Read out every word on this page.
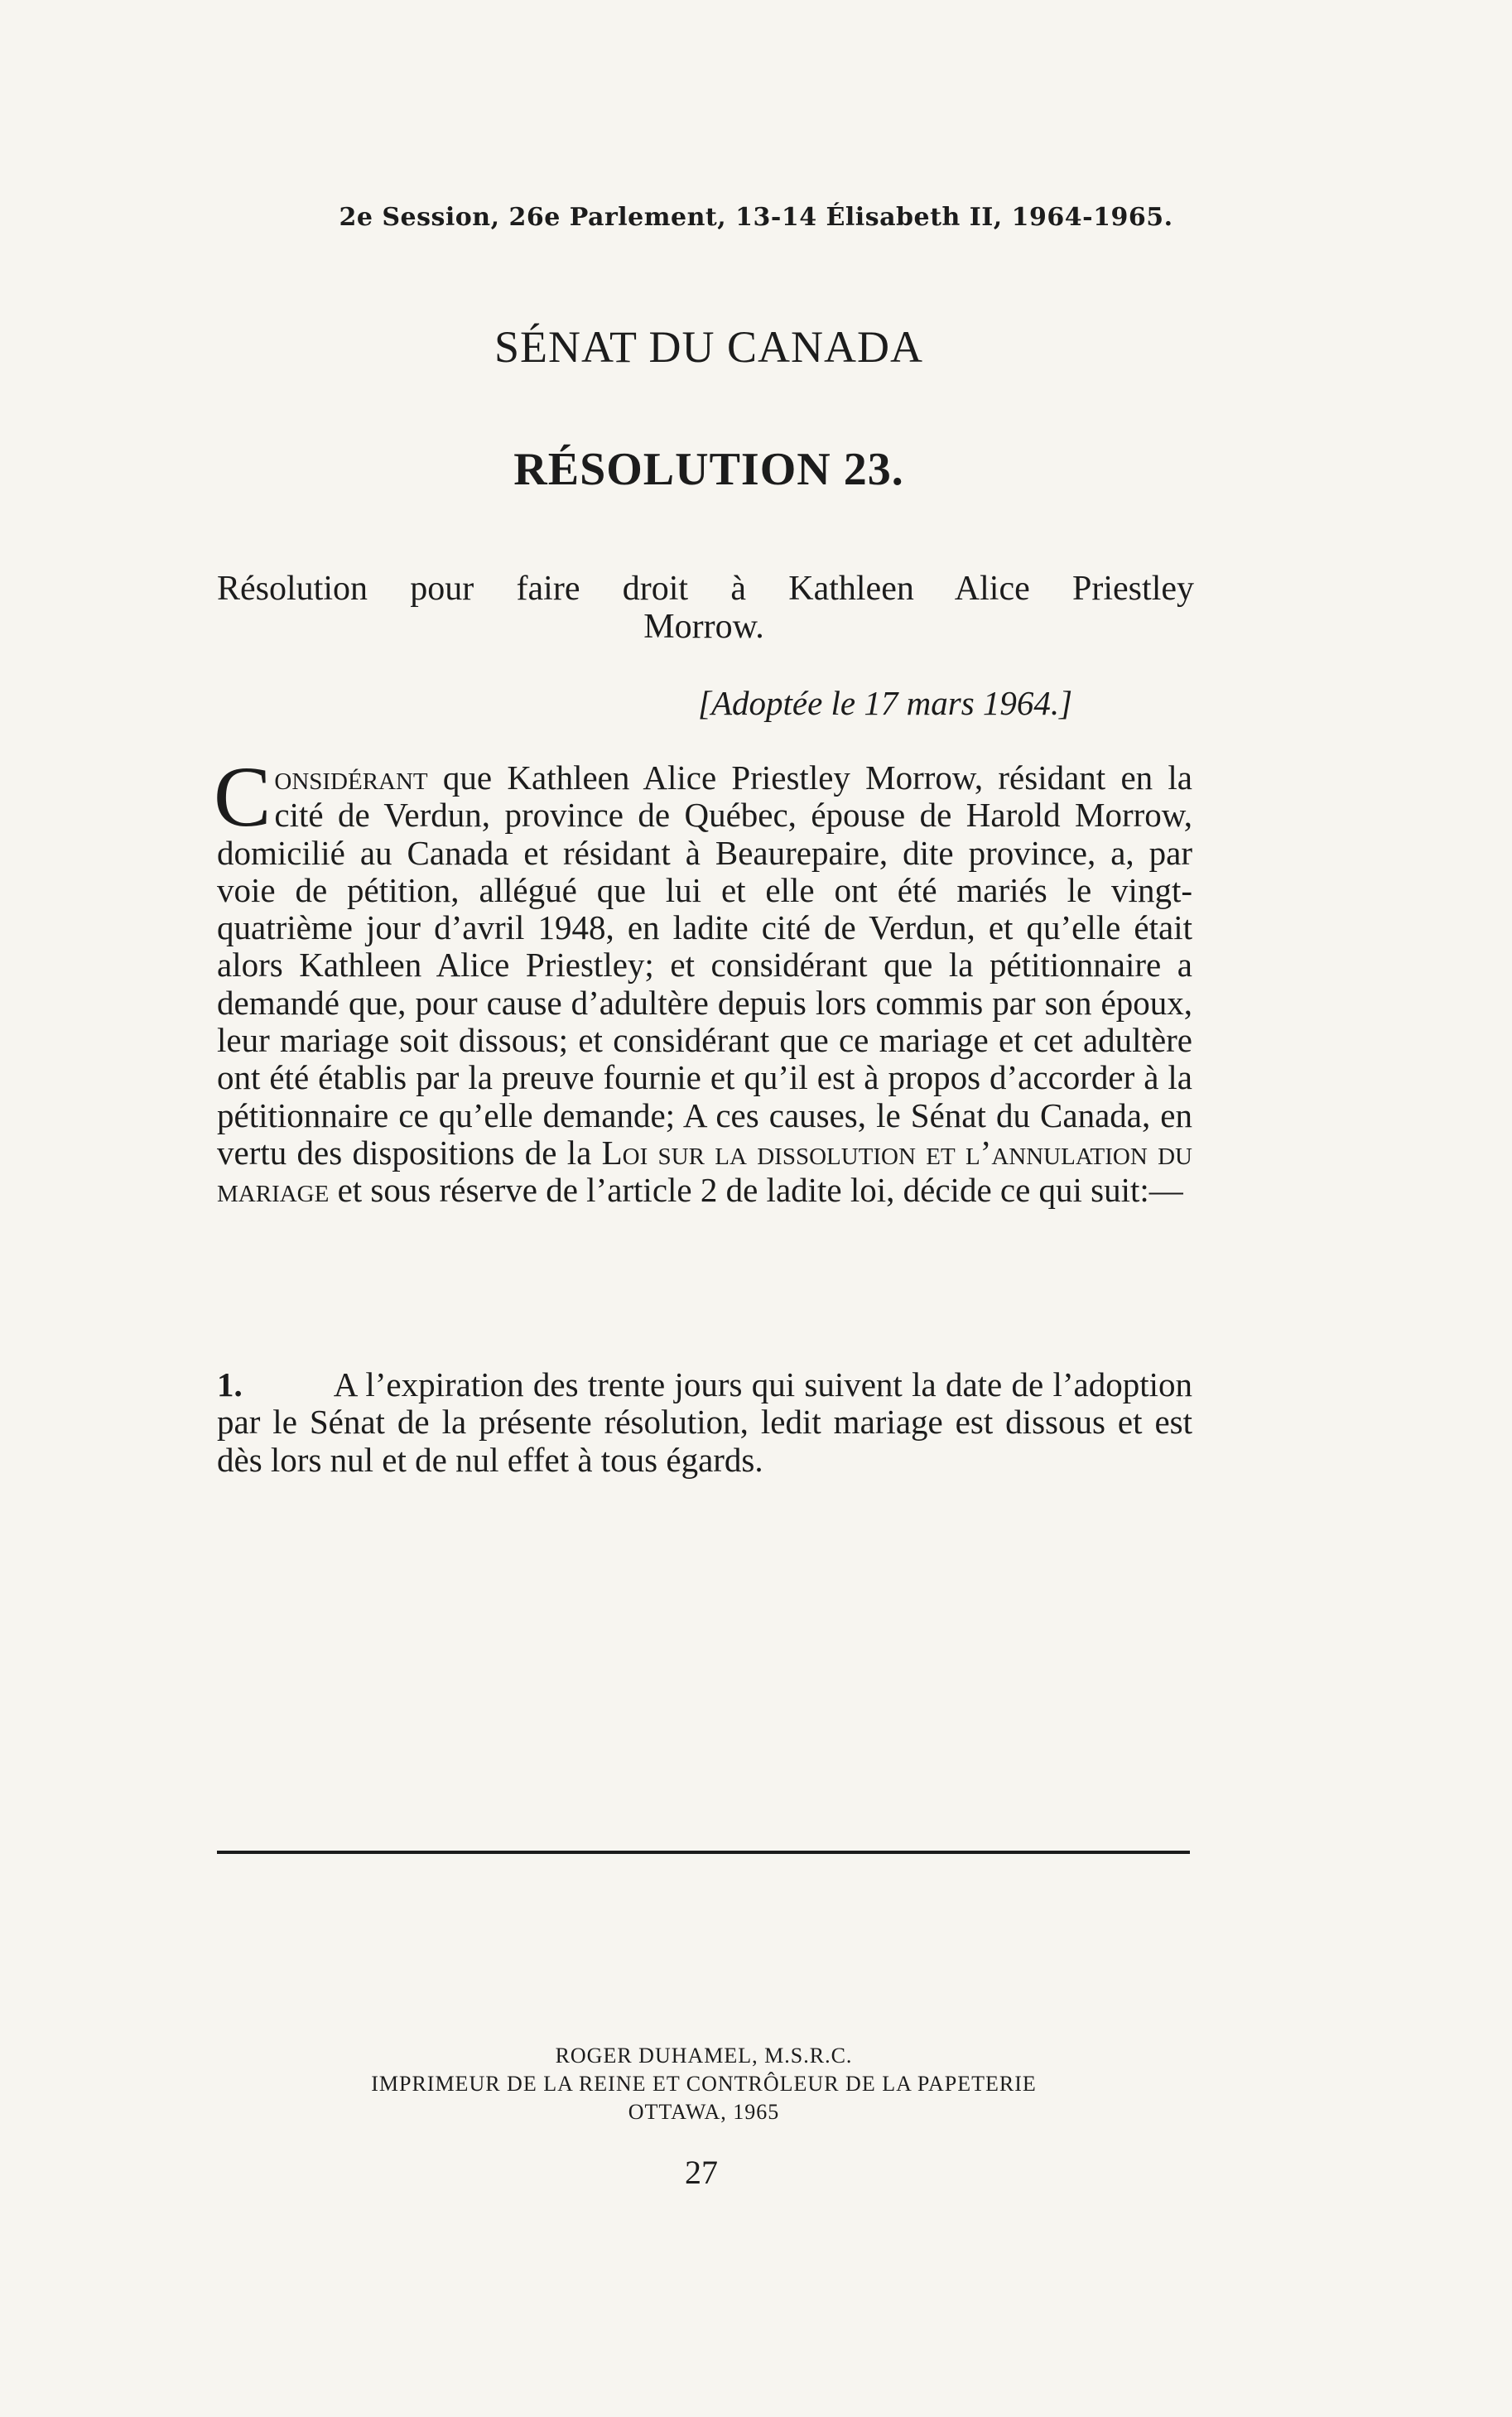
2e Session, 26e Parlement, 13-14 Élisabeth II, 1964-1965.
SÉNAT DU CANADA
RÉSOLUTION 23.
Résolution pour faire droit à Kathleen Alice Priestley
Morrow.
[Adoptée le 17 mars 1964.]

Considérant que Kathleen Alice Priestley Morrow, résidant en la cité de Verdun, province de Québec, épouse de Harold Morrow, domicilié au Canada et résidant à Beaurepaire, dite province, a, par voie de pétition, allégué que lui et elle ont été mariés le vingt-quatrième jour d’avril 1948, en ladite cité de Verdun, et qu’elle était alors Kathleen Alice Priestley; et considérant que la pétitionnaire a demandé que, pour cause d’adultère depuis lors commis par son époux, leur mariage soit dissous; et considérant que ce mariage et cet adultère ont été établis par la preuve fournie et qu’il est à propos d’accorder à la pétitionnaire ce qu’elle demande; A ces causes, le Sénat du Canada, en vertu des dispositions de la Loi sur la dissolution et l’annulation du mariage et sous réserve de l’article 2 de ladite loi, décide ce qui suit:—

1.	A l’expiration des trente jours qui suivent la date de l’adoption par le Sénat de la présente résolution, ledit mariage est dissous et est dès lors nul et de nul effet à tous égards.
ROGER DUHAMEL, M.S.R.C.
IMPRIMEUR DE LA REINE ET CONTRÔLEUR DE LA PAPETERIE
OTTAWA, 1965
27
